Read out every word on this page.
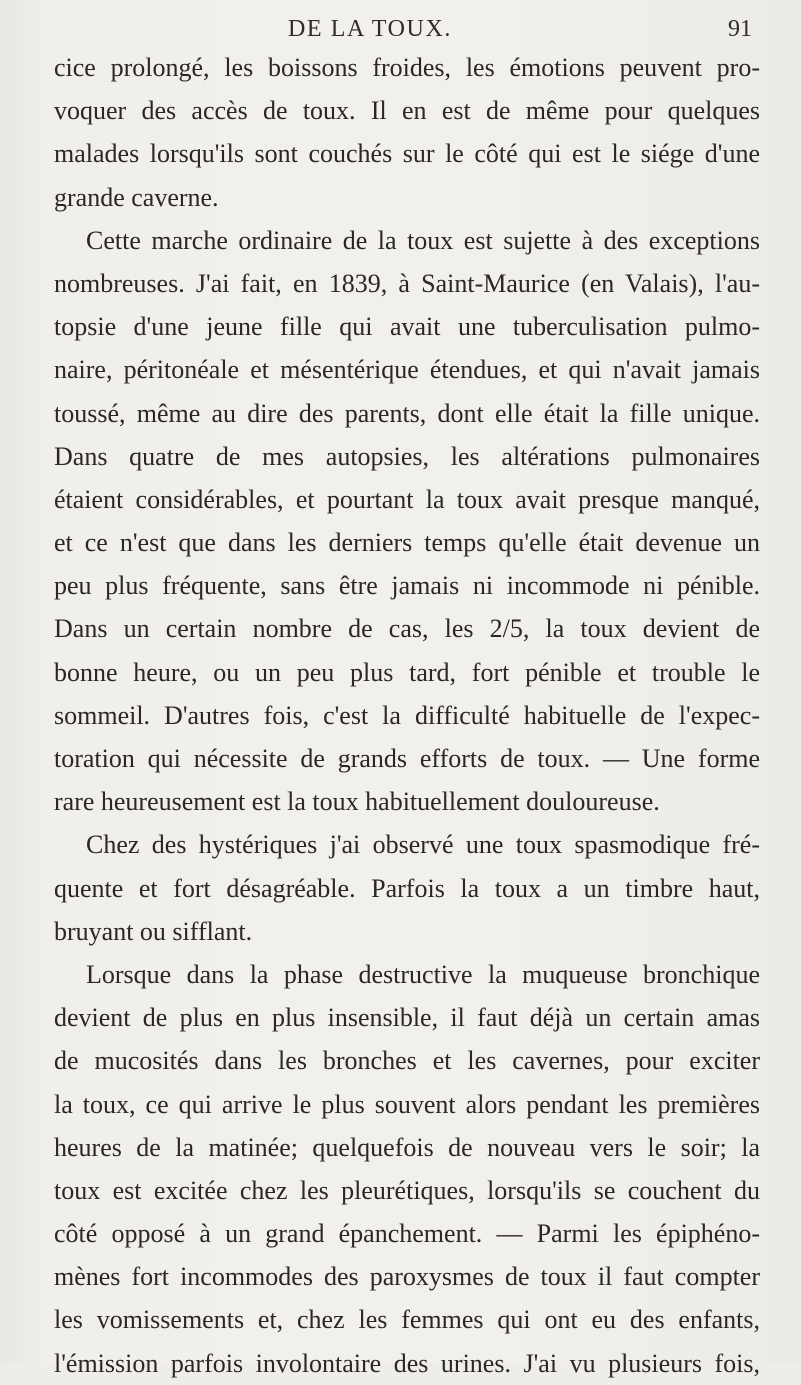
DE LA TOUX.	91
cice prolongé, les boissons froides, les émotions peuvent pro-
voquer des accès de toux. Il en est de même pour quelques
malades lorsqu'ils sont couchés sur le côté qui est le siége d'une
grande caverne.
Cette marche ordinaire de la toux est sujette à des exceptions
nombreuses. J'ai fait, en 1839, à Saint-Maurice (en Valais), l'au-
topsie d'une jeune fille qui avait une tuberculisation pulmo-
naire, péritonéale et mésentérique étendues, et qui n'avait jamais
toussé, même au dire des parents, dont elle était la fille unique.
Dans quatre de mes autopsies, les altérations pulmonaires
étaient considérables, et pourtant la toux avait presque manqué,
et ce n'est que dans les derniers temps qu'elle était devenue un
peu plus fréquente, sans être jamais ni incommode ni pénible.
Dans un certain nombre de cas, les 2/5, la toux devient de
bonne heure, ou un peu plus tard, fort pénible et trouble le
sommeil. D'autres fois, c'est la difficulté habituelle de l'expec-
toration qui nécessite de grands efforts de toux. — Une forme
rare heureusement est la toux habituellement douloureuse.
Chez des hystériques j'ai observé une toux spasmodique fré-
quente et fort désagréable. Parfois la toux a un timbre haut,
bruyant ou sifflant.
Lorsque dans la phase destructive la muqueuse bronchique
devient de plus en plus insensible, il faut déjà un certain amas
de mucosités dans les bronches et les cavernes, pour exciter
la toux, ce qui arrive le plus souvent alors pendant les premières
heures de la matinée; quelquefois de nouveau vers le soir; la
toux est excitée chez les pleurétiques, lorsqu'ils se couchent du
côté opposé à un grand épanchement. — Parmi les épiphéno-
mènes fort incommodes des paroxysmes de toux il faut compter
les vomissements et, chez les femmes qui ont eu des enfants,
l'émission parfois involontaire des urines. J'ai vu plusieurs fois,
